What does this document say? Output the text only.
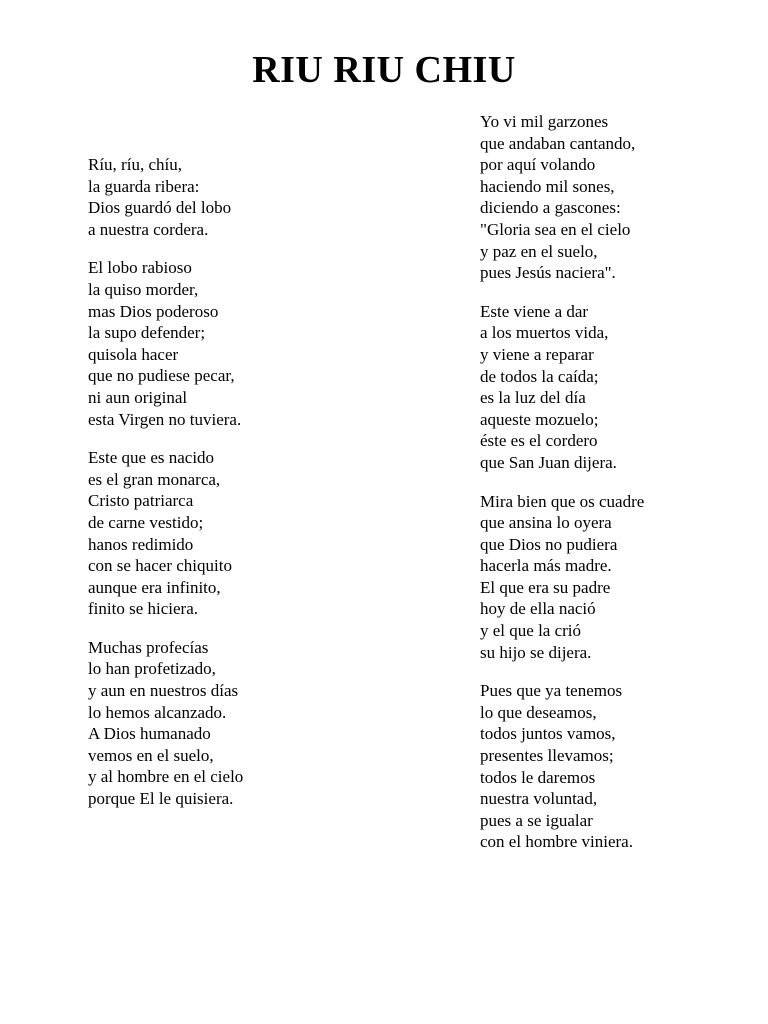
RIU RIU CHIU
Ríu, ríu, chíu,
la guarda ribera:
Dios guardó del lobo
a nuestra cordera.
El lobo rabioso
la quiso morder,
mas Dios poderoso
la supo defender;
quisola hacer
que no pudiese pecar,
ni aun original
esta Virgen no tuviera.
Este que es nacido
es el gran monarca,
Cristo patriarca
de carne vestido;
hanos redimido
con se hacer chiquito
aunque era infinito,
finito se hiciera.
Muchas profecías
lo han profetizado,
y aun en nuestros días
lo hemos alcanzado.
A Dios humanado
vemos en el suelo,
y al hombre en el cielo
porque El le quisiera.
Yo vi mil garzones
que andaban cantando,
por aquí volando
haciendo mil sones,
diciendo a gascones:
"Gloria sea en el cielo
y paz en el suelo,
pues Jesús naciera".
Este viene a dar
a los muertos vida,
y viene a reparar
de todos la caída;
es la luz del día
aqueste mozuelo;
éste es el cordero
que San Juan dijera.
Mira bien que os cuadre
que ansina lo oyera
que Dios no pudiera
hacerla más madre.
El que era su padre
hoy de ella nació
y el que la crió
su hijo se dijera.
Pues que ya tenemos
lo que deseamos,
todos juntos vamos,
presentes llevamos;
todos le daremos
nuestra voluntad,
pues a se igualar
con el hombre viniera.
